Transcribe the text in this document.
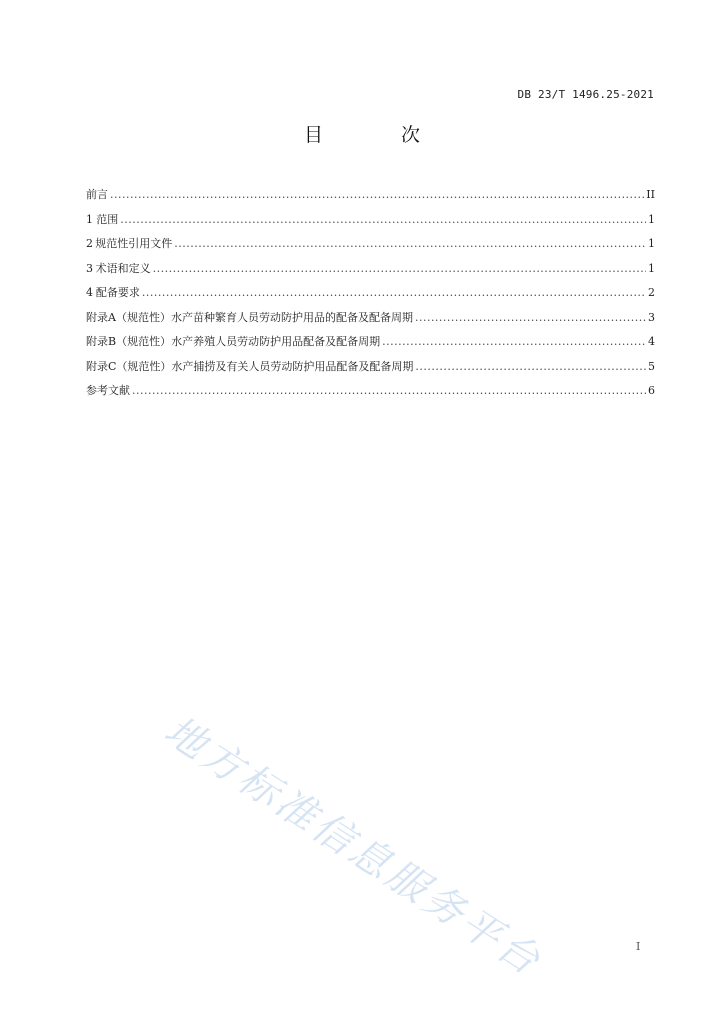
DB 23/T 1496.25-2021
目 次
前言 .....	II
1 范围 .....	1
2 规范性引用文件 .....	1
3 术语和定义 .....	1
4 配备要求 .....	2
附录A（规范性） 水产苗种繁育人员劳动防护用品的配备及配备周期 .....	3
附录B（规范性） 水产养殖人员劳动防护用品配备及配备周期 .....	4
附录C（规范性） 水产捕捞及有关人员劳动防护用品配备及配备周期 .....	5
参考文献 .....	6
地方标准信息服务平台	I
